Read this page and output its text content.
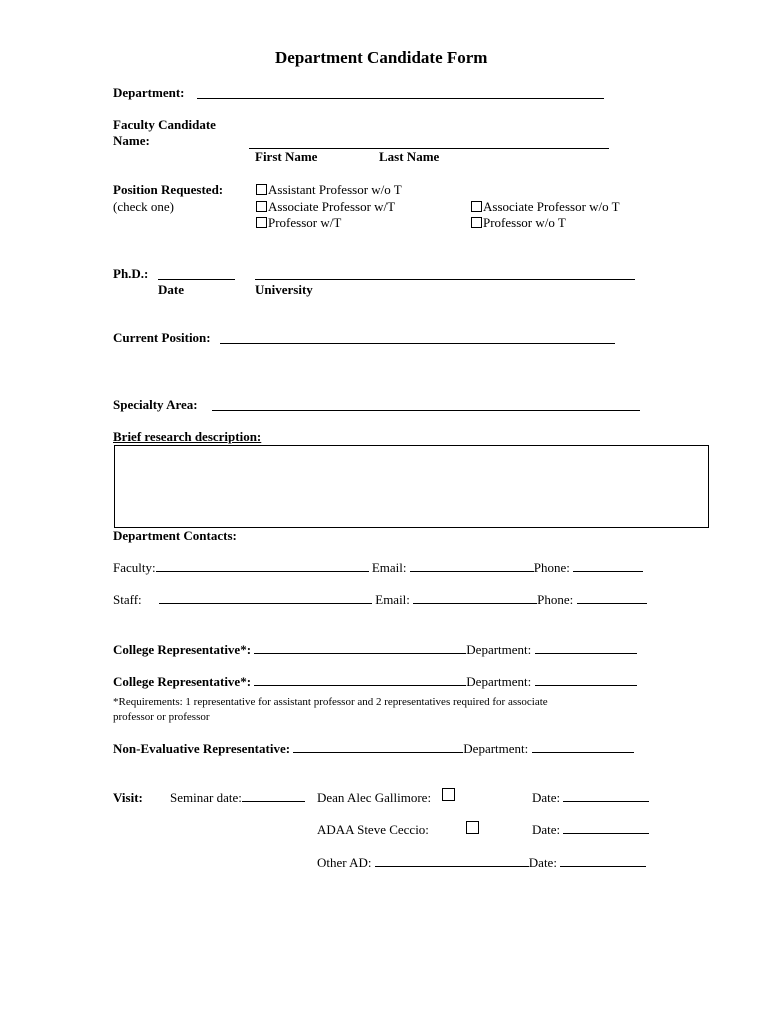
Department Candidate Form
Department:
Faculty Candidate
Name:
First Name	Last Name
Position Requested:
(check one)
Assistant Professor w/o T
Associate Professor w/T
Professor w/T
Associate Professor w/o T
Professor w/o T
Ph.D.:
Date	University
Current Position:
Specialty Area:
Brief research description:
Department Contacts:
Faculty:	Email:	Phone:
Staff:	Email:	Phone:
College Representative*:	Department:
College Representative*:	Department:
*Requirements: 1 representative for assistant professor and 2 representatives required for associate
professor or professor
Non-Evaluative Representative:	Department:
Visit: Seminar date:	Dean Alec Gallimore:	Date:
ADAA Steve Ceccio:	Date:
Other AD:	Date:
